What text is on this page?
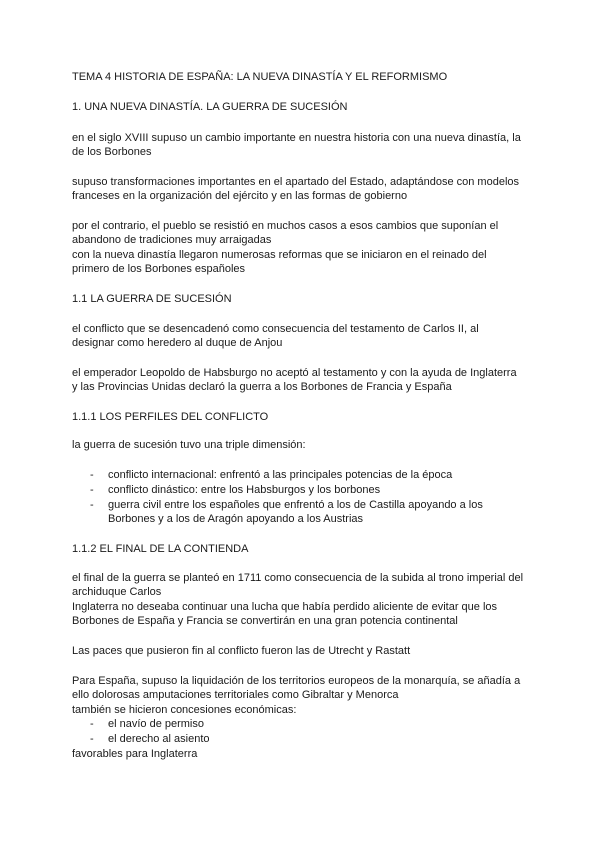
TEMA 4 HISTORIA DE ESPAÑA: LA NUEVA DINASTÍA Y EL REFORMISMO
1. UNA NUEVA DINASTÍA. LA GUERRA DE SUCESIÓN
en el siglo XVIII supuso un cambio importante en nuestra historia con una nueva dinastía, la
de los Borbones
supuso transformaciones importantes en el apartado del Estado, adaptándose con modelos
franceses en la organización del ejército y en las formas de gobierno
por el contrario, el pueblo se resistió en muchos casos a esos cambios que suponían el
abandono de tradiciones muy arraigadas
con la nueva dinastía llegaron numerosas reformas que se iniciaron en el reinado del
primero de los Borbones españoles
1.1 LA GUERRA DE SUCESIÓN
el conflicto que se desencadenó como consecuencia del testamento de Carlos II, al
designar como heredero al duque de Anjou
el emperador Leopoldo de Habsburgo no aceptó al testamento y con la ayuda de Inglaterra
y las Provincias Unidas declaró la guerra a los Borbones de Francia y España
1.1.1 LOS PERFILES DEL CONFLICTO
la guerra de sucesión tuvo una triple dimensión:
- conflicto internacional: enfrentó a las principales potencias de la época
- conflicto dinástico: entre los Habsburgos y los borbones
- guerra civil entre los españoles que enfrentó a los de Castilla apoyando a los
Borbones y a los de Aragón apoyando a los Austrias
1.1.2 EL FINAL DE LA CONTIENDA
el final de la guerra se planteó en 1711 como consecuencia de la subida al trono imperial del
archiduque Carlos
Inglaterra no deseaba continuar una lucha que había perdido aliciente de evitar que los
Borbones de España y Francia se convertirán en una gran potencia continental
Las paces que pusieron fin al conflicto fueron las de Utrecht y Rastatt
Para España, supuso la liquidación de los territorios europeos de la monarquía, se añadía a
ello dolorosas amputaciones territoriales como Gibraltar y Menorca
también se hicieron concesiones económicas:
- el navío de permiso
- el derecho al asiento
favorables para Inglaterra
